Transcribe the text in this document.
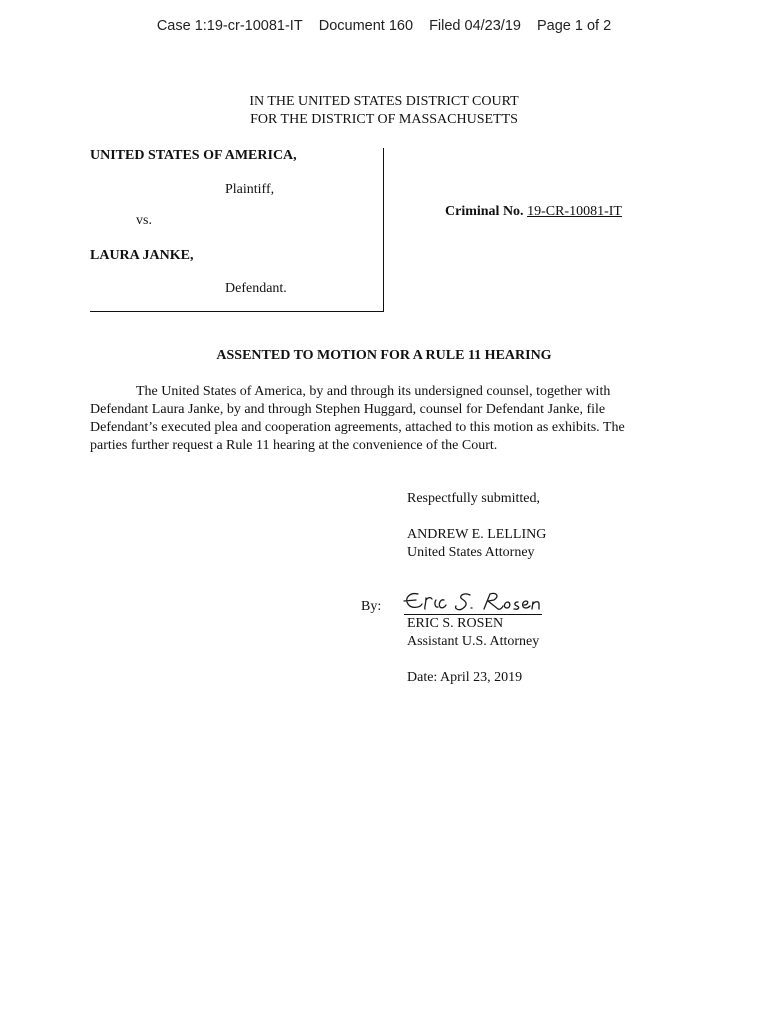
Case 1:19-cr-10081-IT Document 160 Filed 04/23/19 Page 1 of 2
IN THE UNITED STATES DISTRICT COURT
FOR THE DISTRICT OF MASSACHUSETTS
UNITED STATES OF AMERICA,
Plaintiff,
vs.
LAURA JANKE,
Defendant.
Criminal No. 19-CR-10081-IT
ASSENTED TO MOTION FOR A RULE 11 HEARING
The United States of America, by and through its undersigned counsel, together with
Defendant Laura Janke, by and through Stephen Huggard, counsel for Defendant Janke, file
Defendant’s executed plea and cooperation agreements, attached to this motion as exhibits. The
parties further request a Rule 11 hearing at the convenience of the Court.
Respectfully submitted,
ANDREW E. LELLING
United States Attorney
By:
ERIC S. ROSEN
Assistant U.S. Attorney
Date: April 23, 2019
